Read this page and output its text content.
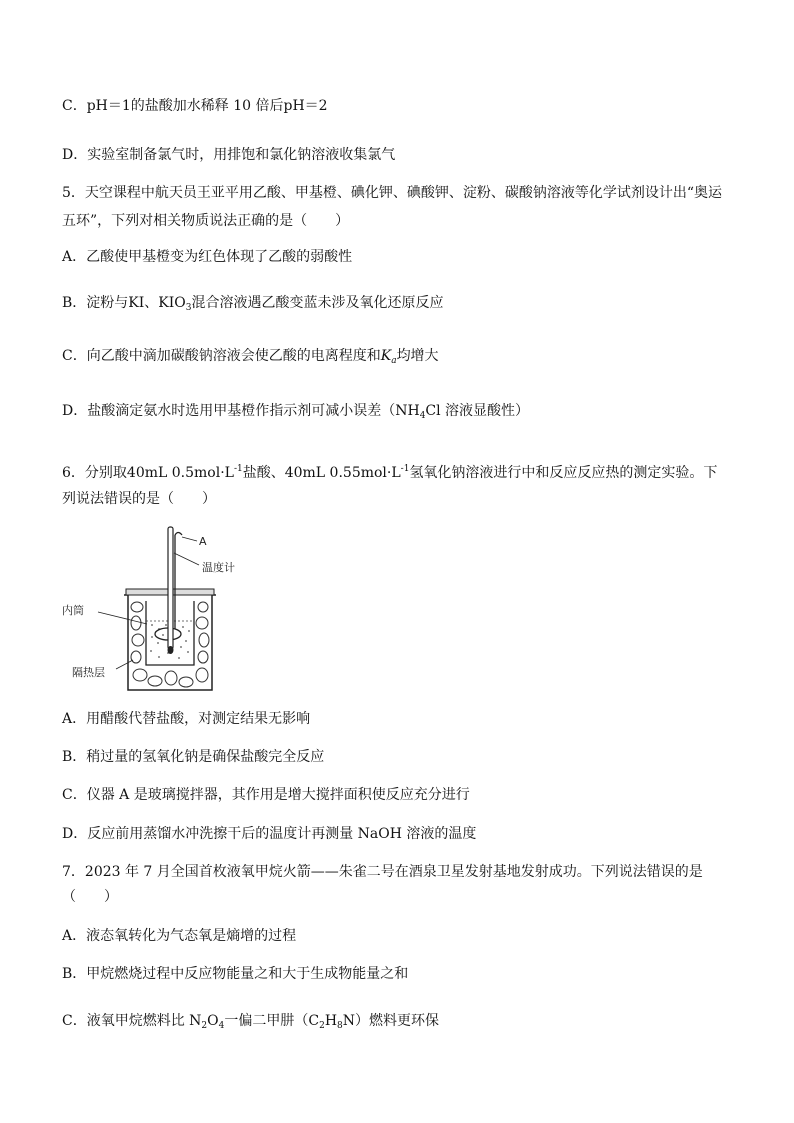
C．pH＝1的盐酸加水稀释 10 倍后pH＝2
D．实验室制备氯气时，用排饱和氯化钠溶液收集氯气
5．天空课程中航天员王亚平用乙酸、甲基橙、碘化钾、碘酸钾、淀粉、碳酸钠溶液等化学试剂设计出“奥运
五环”，下列对相关物质说法正确的是（　　）
A．乙酸使甲基橙变为红色体现了乙酸的弱酸性
B．淀粉与KI、$KIO_3$混合溶液遇乙酸变蓝未涉及氧化还原反应
C．向乙酸中滴加碳酸钠溶液会使乙酸的电离程度和$K_a$均增大
D．盐酸滴定氨水时选用甲基橙作指示剂可减小误差（$NH_4Cl$ 溶液显酸性）
6．分别取40mL $0.5mol\cdot L^{-1}$盐酸、40mL $0.55mol\cdot L^{-1}$氢氧化钠溶液进行中和反应反应热的测定实验。下
列说法错误的是（　　）
A
温度计
内筒
隔热层
A．用醋酸代替盐酸，对测定结果无影响
B．稍过量的氢氧化钠是确保盐酸完全反应
C．仪器 A 是玻璃搅拌器，其作用是增大搅拌面积使反应充分进行
D．反应前用蒸馏水冲洗擦干后的温度计再测量 NaOH 溶液的温度
7．2023 年 7 月全国首枚液氧甲烷火箭——朱雀二号在酒泉卫星发射基地发射成功。下列说法错误的是
（　　）
A．液态氧转化为气态氧是熵增的过程
B．甲烷燃烧过程中反应物能量之和大于生成物能量之和
C．液氧甲烷燃料比 $N_2O_4$一偏二甲肼$(C_2H_8N)$燃料更环保
